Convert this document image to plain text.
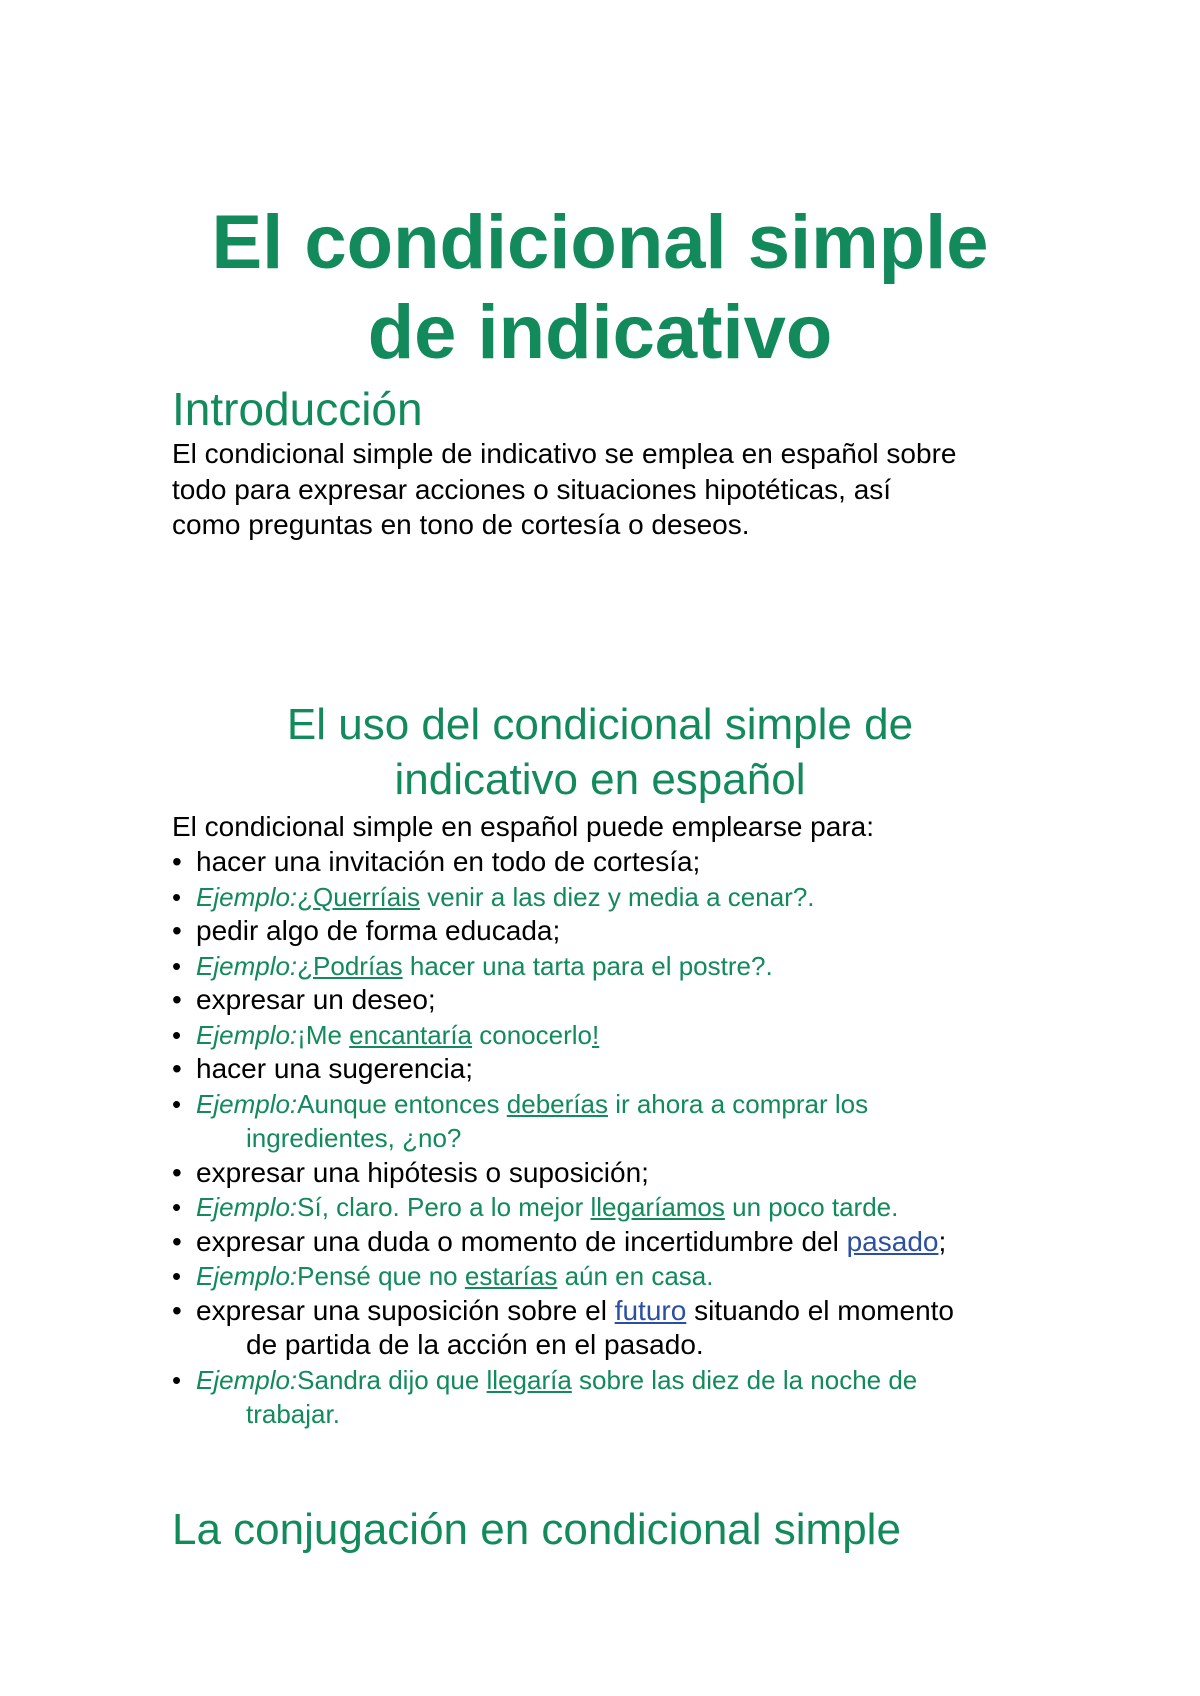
El condicional simple
de indicativo
Introducción

El condicional simple de indicativo se emplea en español sobre
todo para expresar acciones o situaciones hipotéticas, así
como preguntas en tono de cortesía o deseos.

El uso del condicional simple de
indicativo en español

El condicional simple en español puede emplearse para:

• hacer una invitación en todo de cortesía;
• Ejemplo:¿Querríais venir a las diez y media a cenar?.
• pedir algo de forma educada;
• Ejemplo:¿Podrías hacer una tarta para el postre?.
• expresar un deseo;
• Ejemplo:¡Me encantaría conocerlo!
• hacer una sugerencia;
• Ejemplo:Aunque entonces deberías ir ahora a comprar los
ingredientes, ¿no?
• expresar una hipótesis o suposición;
• Ejemplo:Sí, claro. Pero a lo mejor llegaríamos un poco tarde.
• expresar una duda o momento de incertidumbre del pasado;
• Ejemplo:Pensé que no estarías aún en casa.
• expresar una suposición sobre el futuro situando el momento
de partida de la acción en el pasado.
• Ejemplo:Sandra dijo que llegaría sobre las diez de la noche de
trabajar.
La conjugación en condicional simple
